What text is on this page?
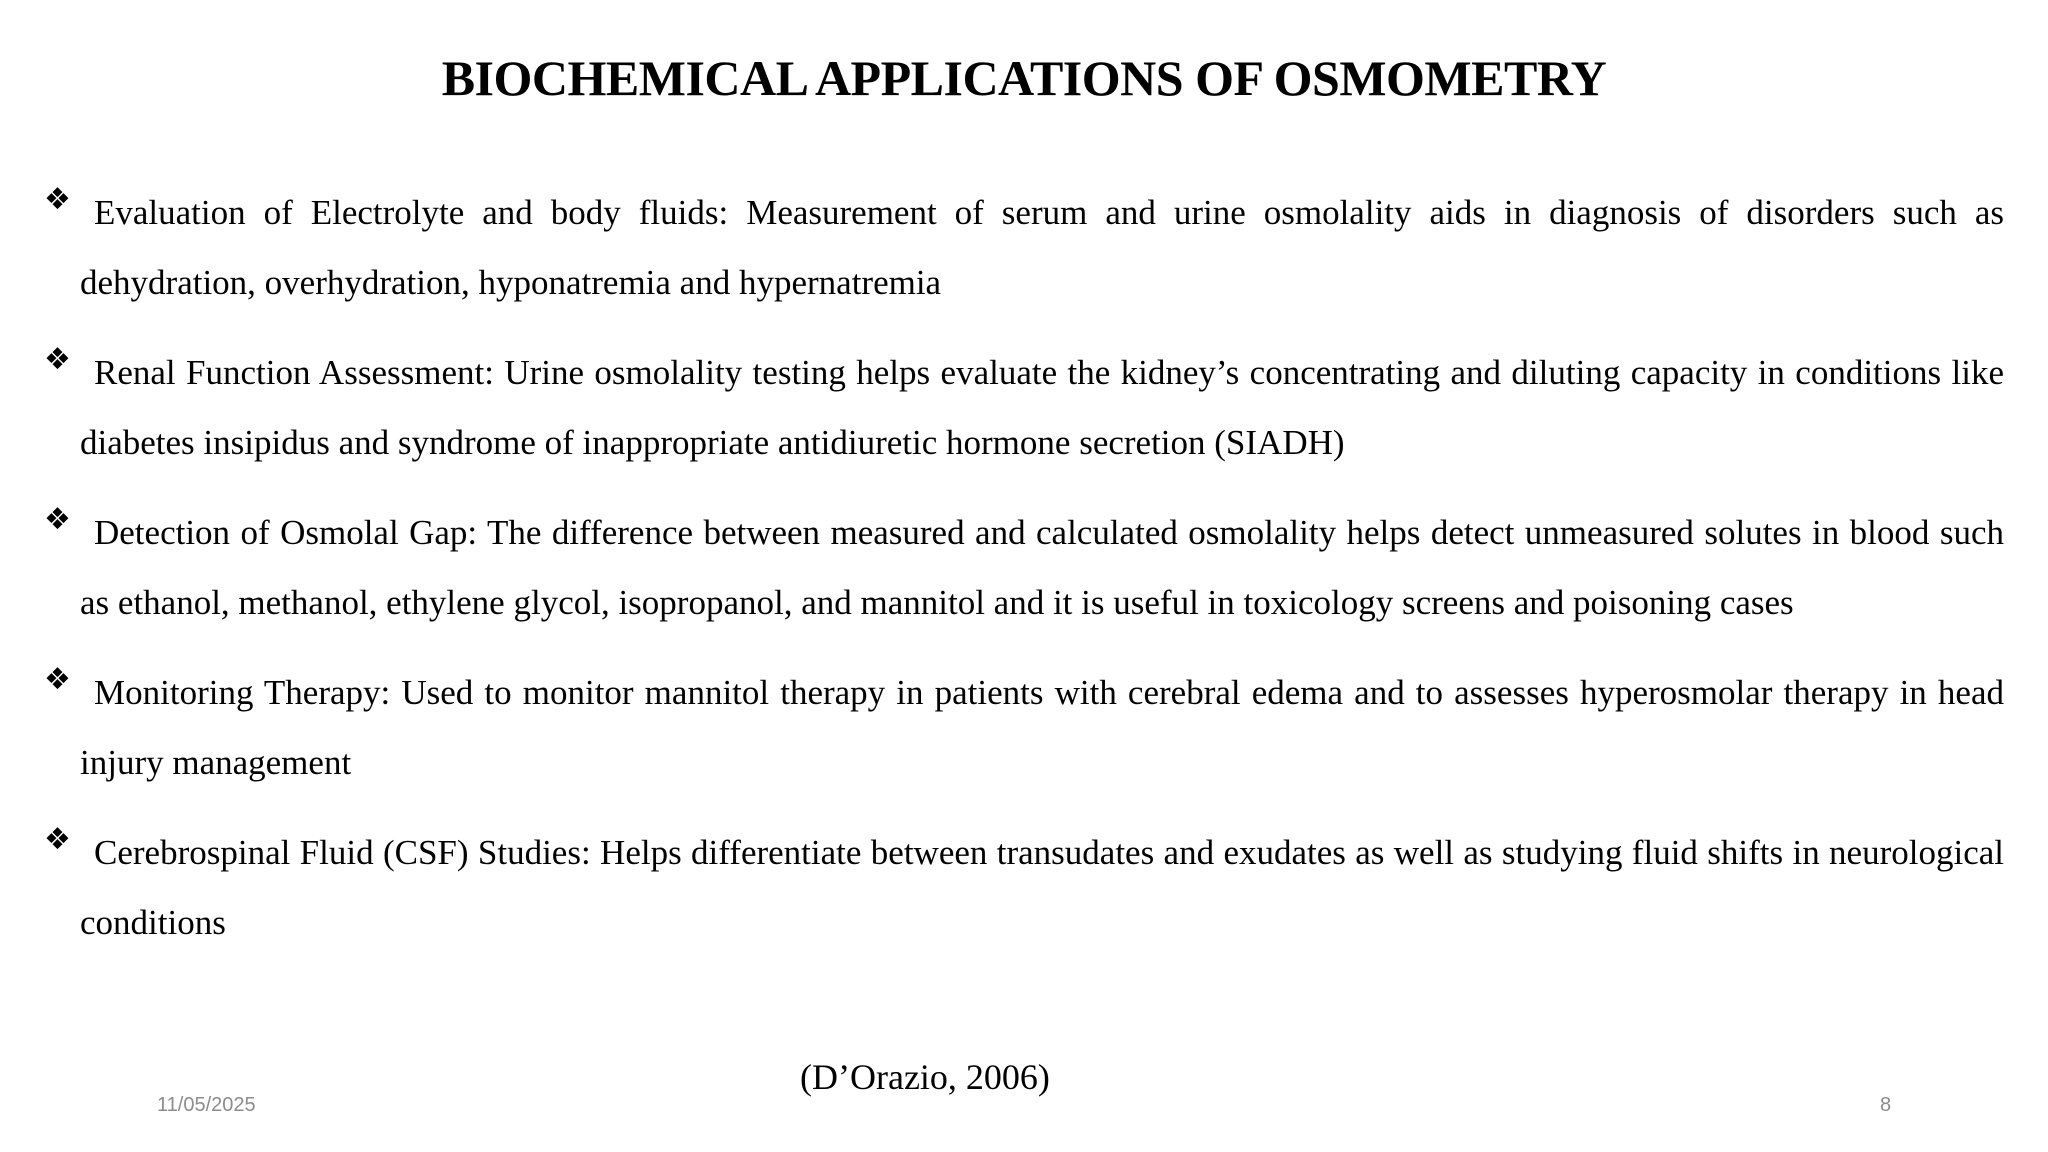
BIOCHEMICAL APPLICATIONS OF OSMOMETRY
❖ Evaluation of Electrolyte and body fluids: Measurement of serum and urine osmolality aids in diagnosis of disorders such as dehydration, overhydration, hyponatremia and hypernatremia
❖ Renal Function Assessment: Urine osmolality testing helps evaluate the kidney’s concentrating and diluting capacity in conditions like diabetes insipidus and syndrome of inappropriate antidiuretic hormone secretion (SIADH)
❖ Detection of Osmolal Gap: The difference between measured and calculated osmolality helps detect unmeasured solutes in blood such as ethanol, methanol, ethylene glycol, isopropanol, and mannitol and it is useful in toxicology screens and poisoning cases
❖ Monitoring Therapy: Used to monitor mannitol therapy in patients with cerebral edema and to assesses hyperosmolar therapy in head injury management
❖ Cerebrospinal Fluid (CSF) Studies: Helps differentiate between transudates and exudates as well as studying fluid shifts in neurological conditions
(D’Orazio, 2006)
11/05/2025	8
